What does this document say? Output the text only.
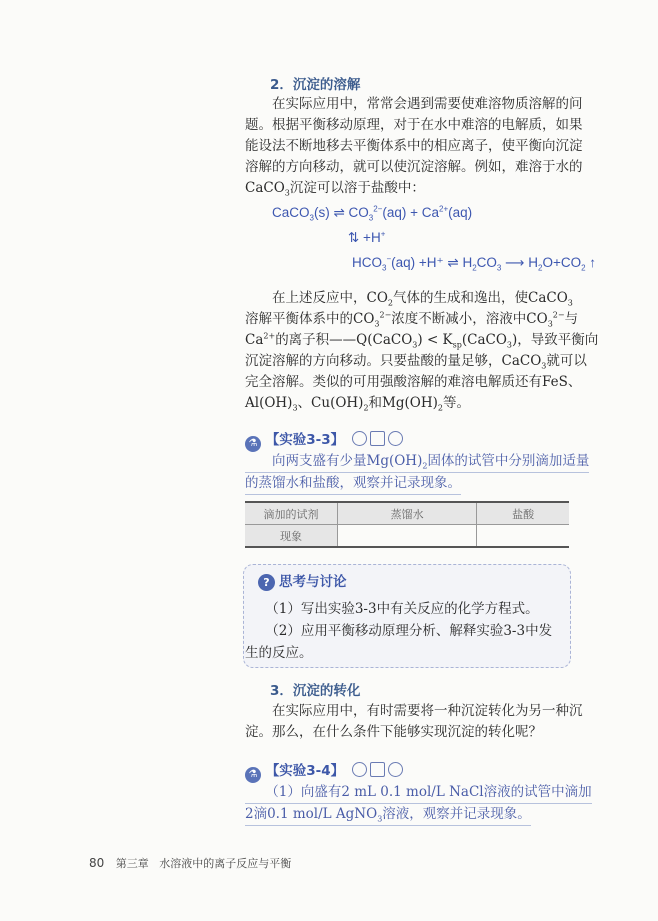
2．沉淀的溶解
CaCO$_3$(s) ⇌ $CO_3^{2-}(aq) + Ca^{2+}(aq)$
⇅ +H+
$HCO_3^-(aq) +H^+$ ⇌ $H_2CO_3$ ⟶ $H_2O+CO_2$ ↑
⚗ 【实验3-3】
滴加的试剂	蒸馏水	盐酸
现象		
? 思考与讨论
3．沉淀的转化
⚗ 【实验3-4】
80 第三章 水溶液中的离子反应与平衡
　　在实际应用中，常常会遇到需要使难溶物质溶解的问
题。根据平衡移动原理，对于在水中难溶的电解质，如果
能设法不断地移去平衡体系中的相应离子，使平衡向沉淀
溶解的方向移动，就可以使沉淀溶解。例如，难溶于水的
CaCO$_3$沉淀可以溶于盐酸中：
　　在上述反应中，$CO_2$气体的生成和逸出，使CaCO$_3$
溶解平衡体系中的$CO_3^{2-}$浓度不断减小，溶液中$CO_3^{2-}$与
$Ca^{2+}$的离子积——Q(CaCO$_3$) < $K_{sp}(CaCO_3)$，导致平衡向
沉淀溶解的方向移动。只要盐酸的量足够，CaCO$_3$就可以
完全溶解。类似的可用强酸溶解的难溶电解质还有FeS、
$Al(OH)_3$、$Cu(OH)_2$和$Mg(OH)_2$等。
　　向两支盛有少量$Mg(OH)_2$固体的试管中分别滴加适量
的蒸馏水和盐酸，观察并记录现象。
　　（1）写出实验3-3中有关反应的化学方程式。
　　（2）应用平衡移动原理分析、解释实验3-3中发
生的反应。
　　在实际应用中，有时需要将一种沉淀转化为另一种沉
淀。那么，在什么条件下能够实现沉淀的转化呢？
　　（1）向盛有2 mL 0.1 mol/L NaCl溶液的试管中滴加
2滴0.1 mol/L AgNO$_3$溶液，观察并记录现象。
